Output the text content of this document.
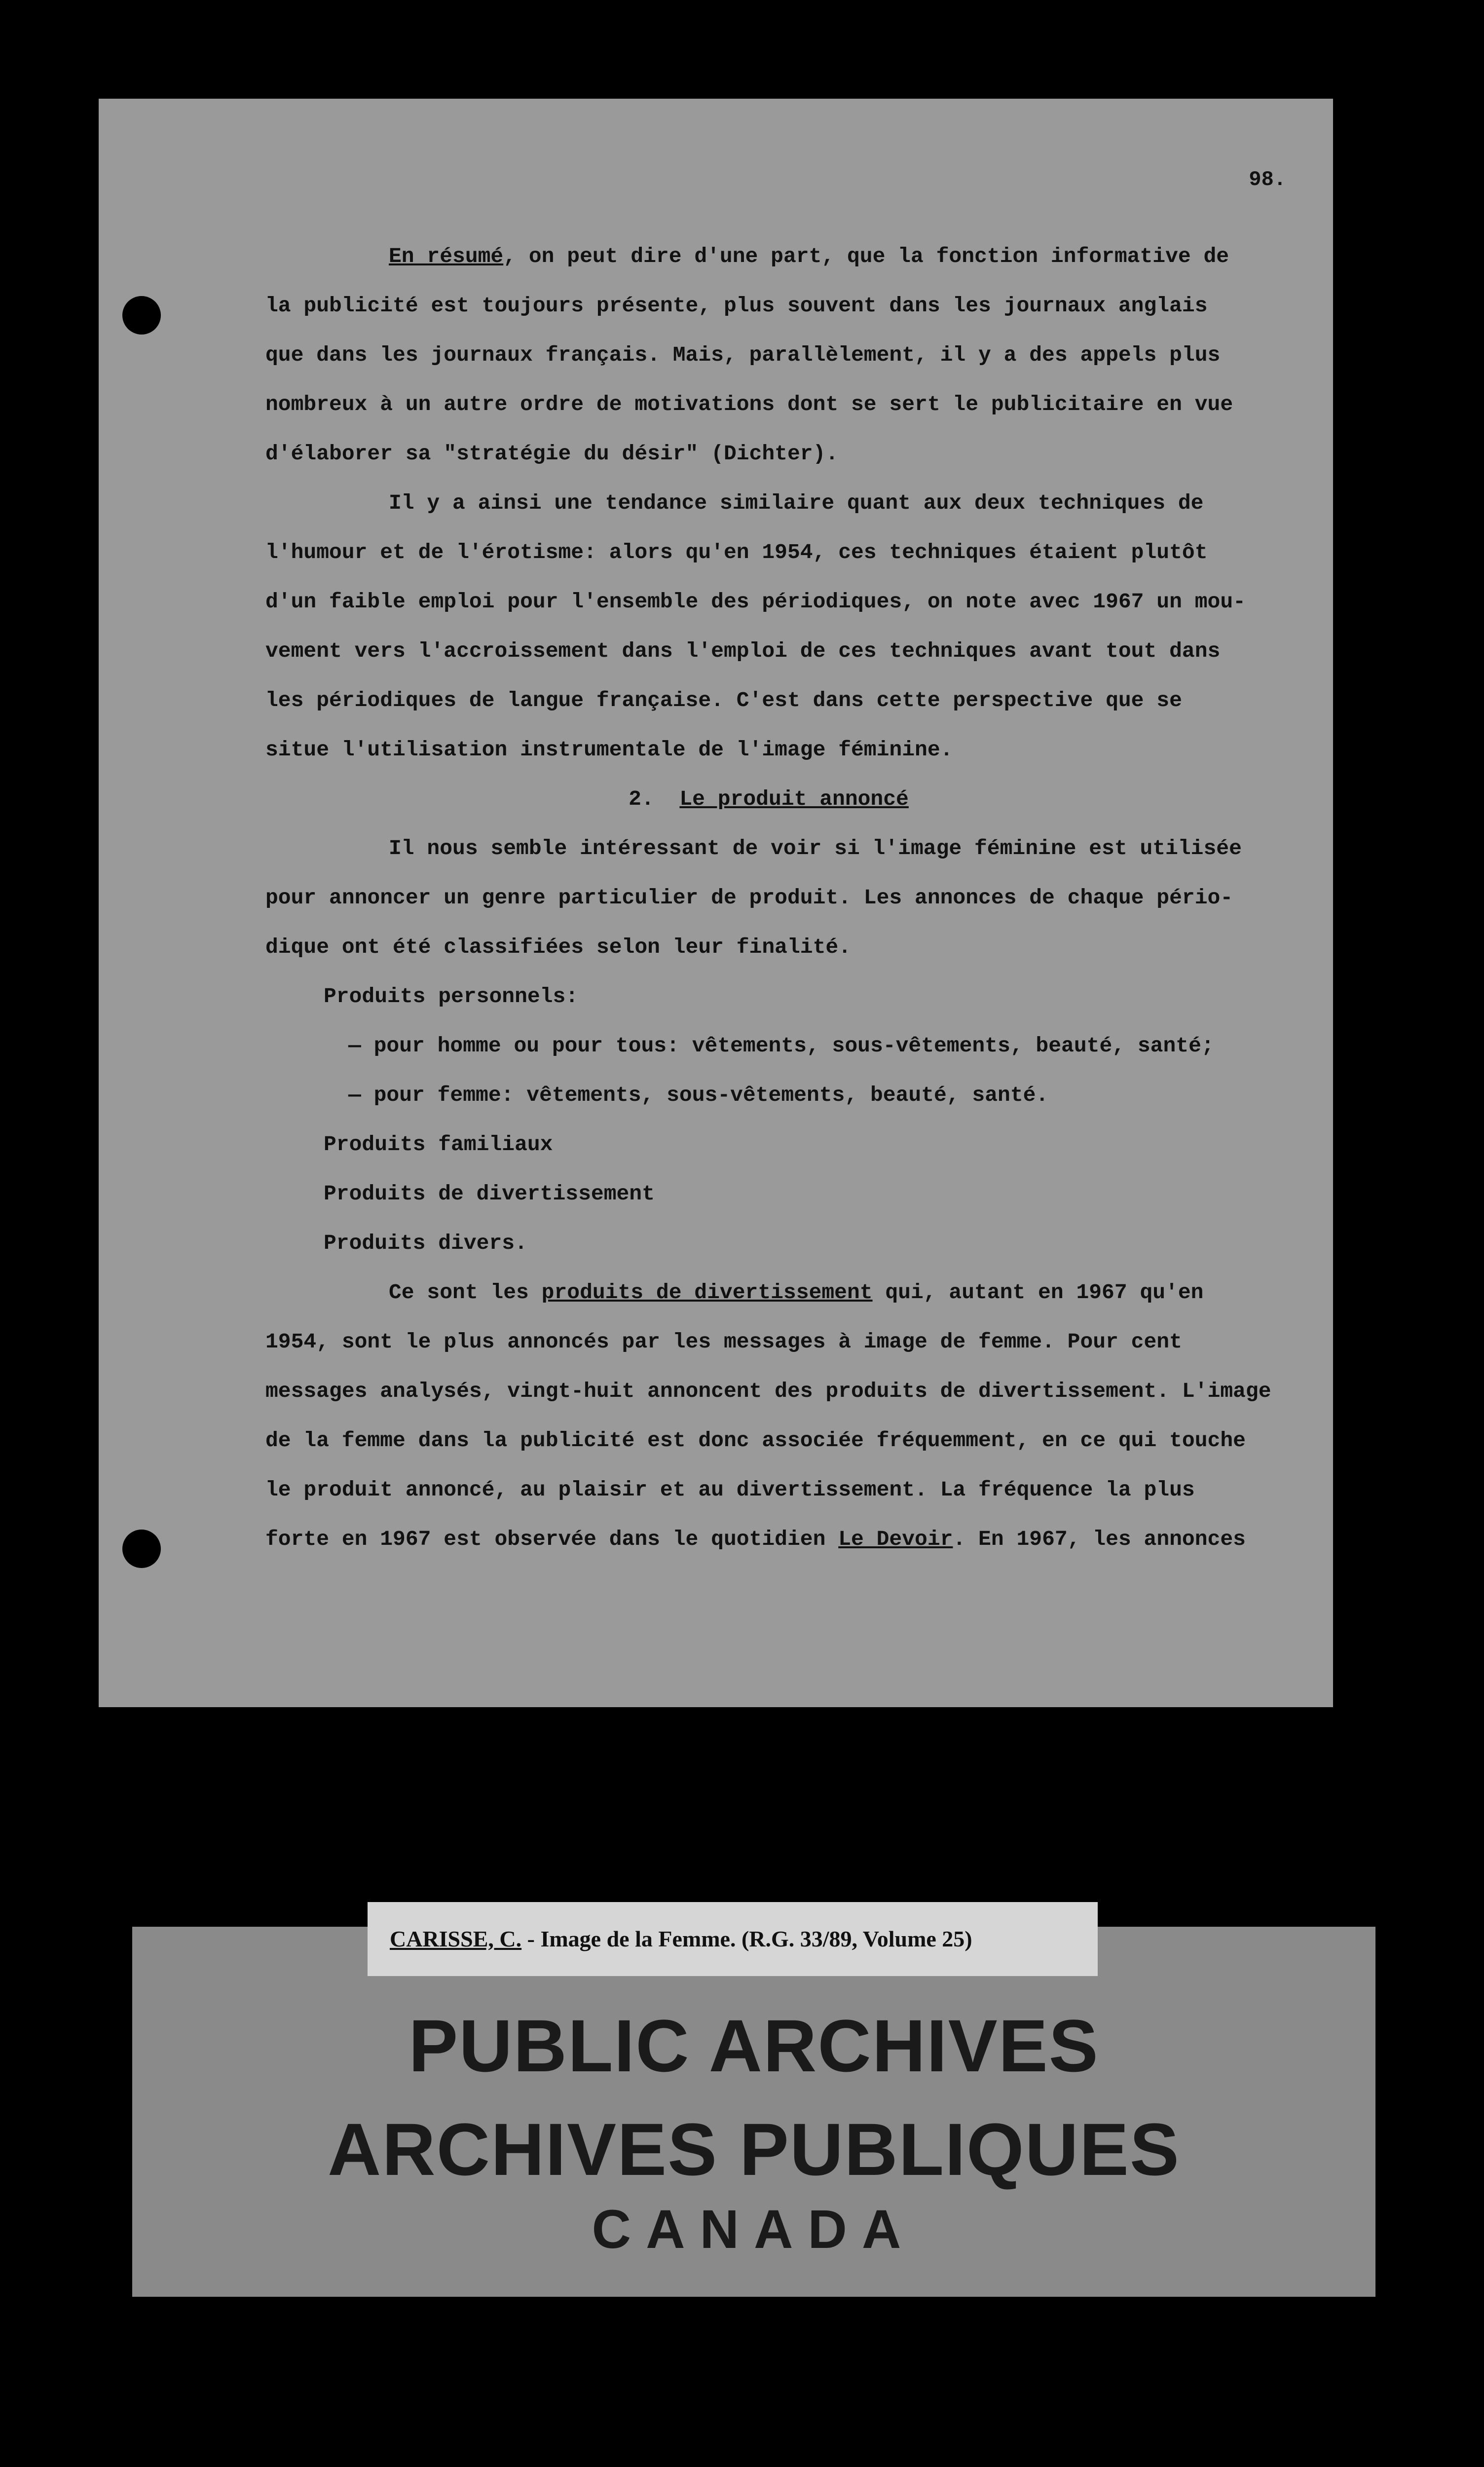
98.

En résumé, on peut dire d'une part, que la fonction informative de

la publicité est toujours présente, plus souvent dans les journaux anglais

que dans les journaux français. Mais, parallèlement, il y a des appels plus

nombreux à un autre ordre de motivations dont se sert le publicitaire en vue

d'élaborer sa "stratégie du désir" (Dichter).

Il y a ainsi une tendance similaire quant aux deux techniques de

l'humour et de l'érotisme: alors qu'en 1954, ces techniques étaient plutôt

d'un faible emploi pour l'ensemble des périodiques, on note avec 1967 un mou-

vement vers l'accroissement dans l'emploi de ces techniques avant tout dans

les périodiques de langue française. C'est dans cette perspective que se

situe l'utilisation instrumentale de l'image féminine.

2. Le produit annoncé

Il nous semble intéressant de voir si l'image féminine est utilisée

pour annoncer un genre particulier de produit. Les annonces de chaque pério-

dique ont été classifiées selon leur finalité.

Produits personnels:

— pour homme ou pour tous: vêtements, sous-vêtements, beauté, santé;

— pour femme: vêtements, sous-vêtements, beauté, santé.

Produits familiaux

Produits de divertissement

Produits divers.

Ce sont les produits de divertissement qui, autant en 1967 qu'en

1954, sont le plus annoncés par les messages à image de femme. Pour cent

messages analysés, vingt-huit annoncent des produits de divertissement. L'image

de la femme dans la publicité est donc associée fréquemment, en ce qui touche

le produit annoncé, au plaisir et au divertissement. La fréquence la plus

forte en 1967 est observée dans le quotidien Le Devoir. En 1967, les annonces

CARISSE, C. - Image de la Femme. (R.G. 33/89, Volume 25)
PUBLIC ARCHIVES
ARCHIVES PUBLIQUES
CANADA
